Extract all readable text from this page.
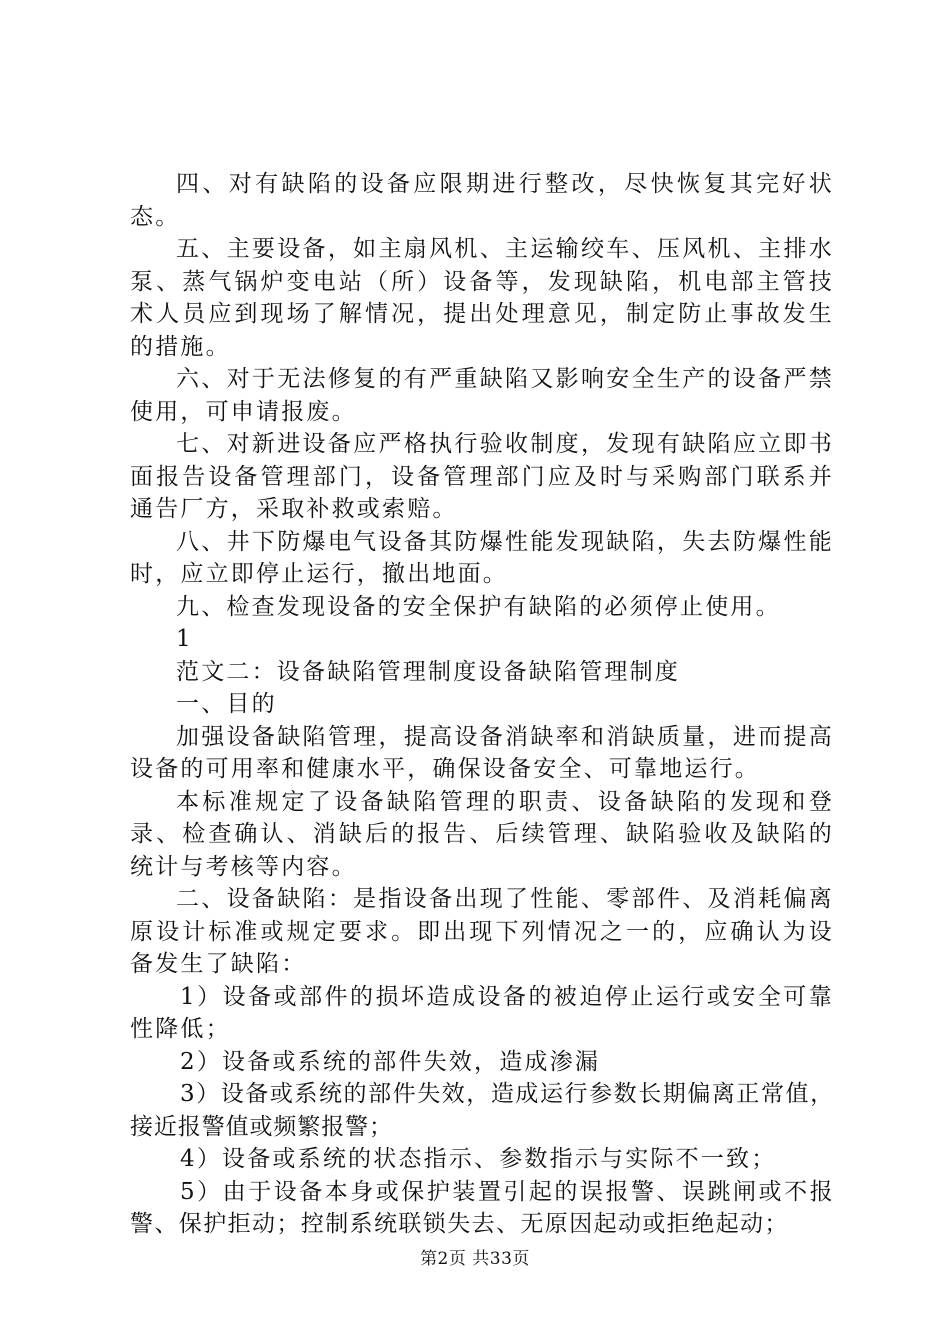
四、对有缺陷的设备应限期进行整改，尽快恢复其完好状态。

五、主要设备，如主扇风机、主运输绞车、压风机、主排水泵、蒸气锅炉变电站（所）设备等，发现缺陷，机电部主管技术人员应到现场了解情况，提出处理意见，制定防止事故发生的措施。

六、对于无法修复的有严重缺陷又影响安全生产的设备严禁使用，可申请报废。

七、对新进设备应严格执行验收制度，发现有缺陷应立即书面报告设备管理部门，设备管理部门应及时与采购部门联系并通告厂方，采取补救或索赔。

八、井下防爆电气设备其防爆性能发现缺陷，失去防爆性能时，应立即停止运行，撤出地面。

九、检查发现设备的安全保护有缺陷的必须停止使用。

1

范文二：设备缺陷管理制度设备缺陷管理制度

一、目的

加强设备缺陷管理，提高设备消缺率和消缺质量，进而提高设备的可用率和健康水平，确保设备安全、可靠地运行。

本标准规定了设备缺陷管理的职责、设备缺陷的发现和登录、检查确认、消缺后的报告、后续管理、缺陷验收及缺陷的统计与考核等内容。

二、设备缺陷：是指设备出现了性能、零部件、及消耗偏离原设计标准或规定要求。即出现下列情况之一的，应确认为设备发生了缺陷：

1）设备或部件的损坏造成设备的被迫停止运行或安全可靠性降低；

2）设备或系统的部件失效，造成渗漏

3）设备或系统的部件失效，造成运行参数长期偏离正常值，接近报警值或频繁报警；

4）设备或系统的状态指示、参数指示与实际不一致；

5）由于设备本身或保护装置引起的误报警、误跳闸或不报警、保护拒动；控制系统联锁失去、无原因起动或拒绝起动；

第2页 共33页
